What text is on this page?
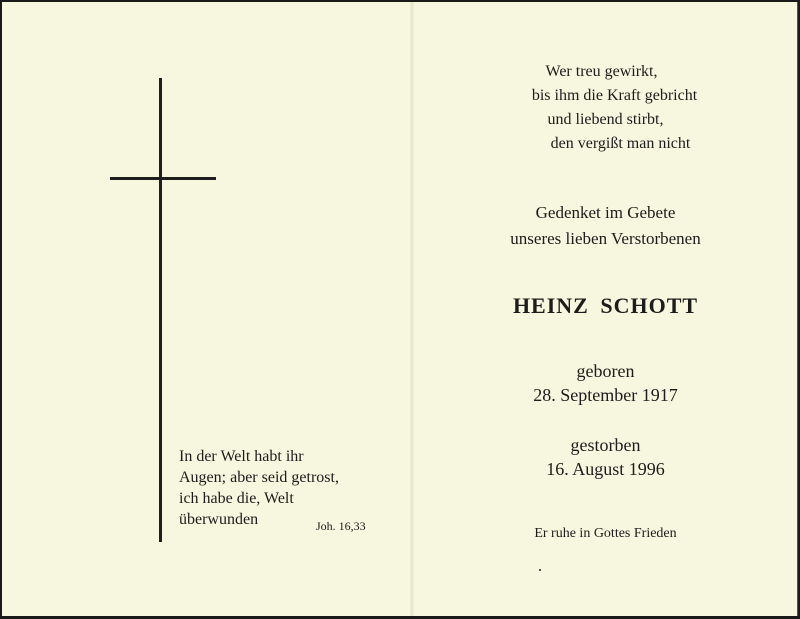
In der Welt habt ihr
Augen; aber seid getrost,
ich habe die, Welt
überwunden	Joh. 16,33
Wer treu gewirkt,
bis ihm die Kraft gebricht
und liebend stirbt,
den vergißt man nicht
Gedenket im Gebete
unseres lieben Verstorbenen
HEINZ SCHOTT
geboren
28. September 1917
gestorben
16. August 1996
Er ruhe in Gottes Frieden
